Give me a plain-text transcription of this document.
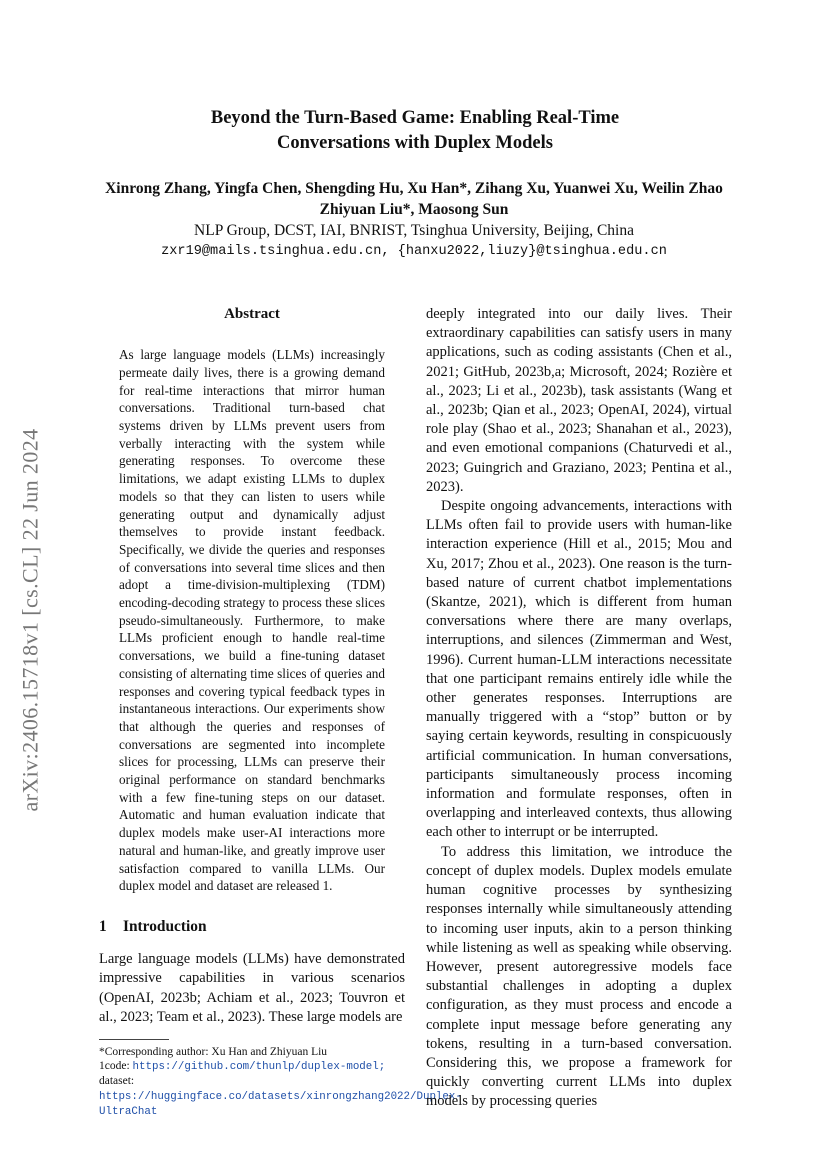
arXiv:2406.15718v1 [cs.CL] 22 Jun 2024
Beyond the Turn-Based Game: Enabling Real-Time
Conversations with Duplex Models
Xinrong Zhang, Yingfa Chen, Shengding Hu, Xu Han*, Zihang Xu, Yuanwei Xu, Weilin Zhao
Zhiyuan Liu*, Maosong Sun
NLP Group, DCST, IAI, BNRIST, Tsinghua University, Beijing, China
zxr19@mails.tsinghua.edu.cn, {hanxu2022,liuzy}@tsinghua.edu.cn
Abstract

As large language models (LLMs) increasingly permeate daily lives, there is a growing demand for real-time interactions that mirror human conversations. Traditional turn-based chat systems driven by LLMs prevent users from verbally interacting with the system while generating responses. To overcome these limitations, we adapt existing LLMs to duplex models so that they can listen to users while generating output and dynamically adjust themselves to provide instant feedback. Specifically, we divide the queries and responses of conversations into several time slices and then adopt a time-division-multiplexing (TDM) encoding-decoding strategy to process these slices pseudo-simultaneously. Furthermore, to make LLMs proficient enough to handle real-time conversations, we build a fine-tuning dataset consisting of alternating time slices of queries and responses and covering typical feedback types in instantaneous interactions. Our experiments show that although the queries and responses of conversations are segmented into incomplete slices for processing, LLMs can preserve their original performance on standard benchmarks with a few fine-tuning steps on our dataset. Automatic and human evaluation indicate that duplex models make user-AI interactions more natural and human-like, and greatly improve user satisfaction compared to vanilla LLMs. Our duplex model and dataset are released 1.

1 Introduction

Large language models (LLMs) have demonstrated impressive capabilities in various scenarios (OpenAI, 2023b; Achiam et al., 2023; Touvron et al., 2023; Team et al., 2023). These large models are

*Corresponding author: Xu Han and Zhiyuan Liu
1code: https://github.com/thunlp/duplex-model;
dataset: https://huggingface.co/datasets/xinrongzhang2022/Duplex-UltraChat

deeply integrated into our daily lives. Their extraordinary capabilities can satisfy users in many applications, such as coding assistants (Chen et al., 2021; GitHub, 2023b,a; Microsoft, 2024; Rozière et al., 2023; Li et al., 2023b), task assistants (Wang et al., 2023b; Qian et al., 2023; OpenAI, 2024), virtual role play (Shao et al., 2023; Shanahan et al., 2023), and even emotional companions (Chaturvedi et al., 2023; Guingrich and Graziano, 2023; Pentina et al., 2023).

Despite ongoing advancements, interactions with LLMs often fail to provide users with human-like interaction experience (Hill et al., 2015; Mou and Xu, 2017; Zhou et al., 2023). One reason is the turn-based nature of current chatbot implementations (Skantze, 2021), which is different from human conversations where there are many overlaps, interruptions, and silences (Zimmerman and West, 1996). Current human-LLM interactions necessitate that one participant remains entirely idle while the other generates responses. Interruptions are manually triggered with a “stop” button or by saying certain keywords, resulting in conspicuously artificial communication. In human conversations, participants simultaneously process incoming information and formulate responses, often in overlapping and interleaved contexts, thus allowing each other to interrupt or be interrupted.

To address this limitation, we introduce the concept of duplex models. Duplex models emulate human cognitive processes by synthesizing responses internally while simultaneously attending to incoming user inputs, akin to a person thinking while listening as well as speaking while observing. However, present autoregressive models face substantial challenges in adopting a duplex configuration, as they must process and encode a complete input message before generating any tokens, resulting in a turn-based conversation. Considering this, we propose a framework for quickly converting current LLMs into duplex models by processing queries
